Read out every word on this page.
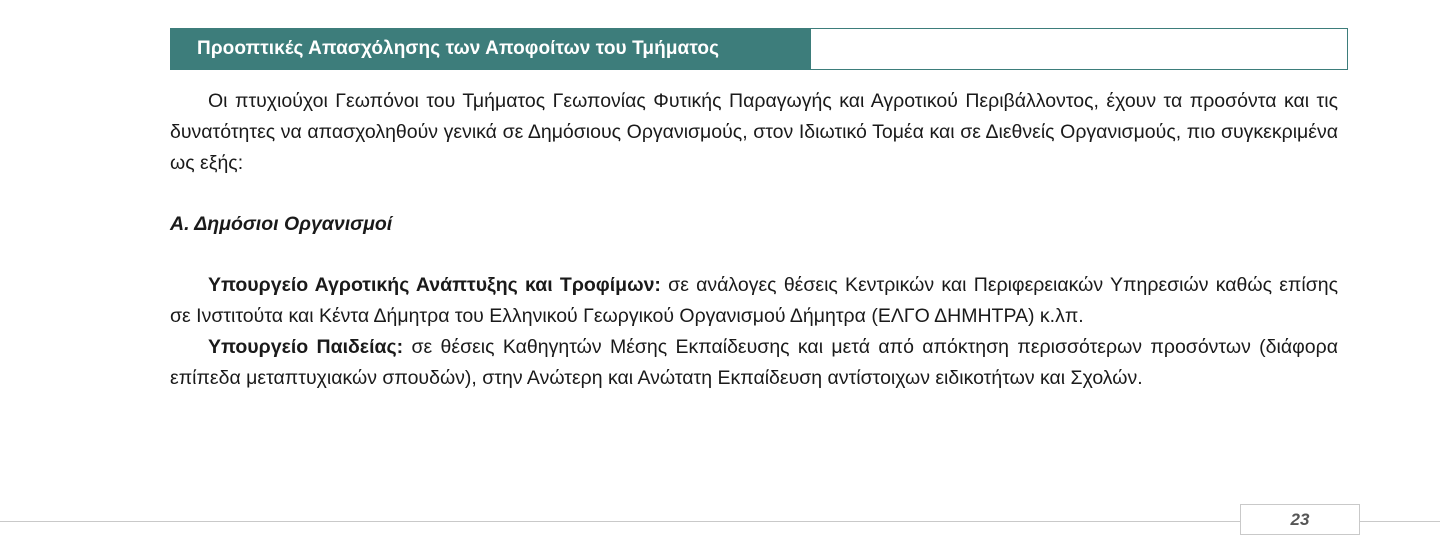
Προοπτικές Απασχόλησης των Αποφοίτων του Τμήματος

Οι πτυχιούχοι Γεωπόνοι του Τμήματος Γεωπονίας Φυτικής Παραγωγής και Αγροτικού Περιβάλλοντος, έχουν τα προσόντα και τις δυνατότητες να απασχοληθούν γενικά σε Δημόσιους Οργανισμούς, στον Ιδιωτικό Τομέα και σε Διεθνείς Οργανισμούς, πιο συγκεκριμένα ως εξής:

Α. Δημόσιοι Οργανισμοί

Υπουργείο Αγροτικής Ανάπτυξης και Τροφίμων: σε ανάλογες θέσεις Κεντρικών και Περιφερειακών Υπηρεσιών καθώς επίσης σε Ινστιτούτα και Κέντα Δήμητρα του Ελληνικού Γεωργικού Οργανισμού Δήμητρα (ΕΛΓΟ ΔΗΜΗΤΡΑ) κ.λπ.

Υπουργείο Παιδείας: σε θέσεις Καθηγητών Μέσης Εκπαίδευσης και μετά από απόκτηση περισσότερων προσόντων (διάφορα επίπεδα μεταπτυχιακών σπουδών), στην Ανώτερη και Ανώτατη Εκπαίδευση αντίστοιχων ειδικοτήτων και Σχολών.

23
